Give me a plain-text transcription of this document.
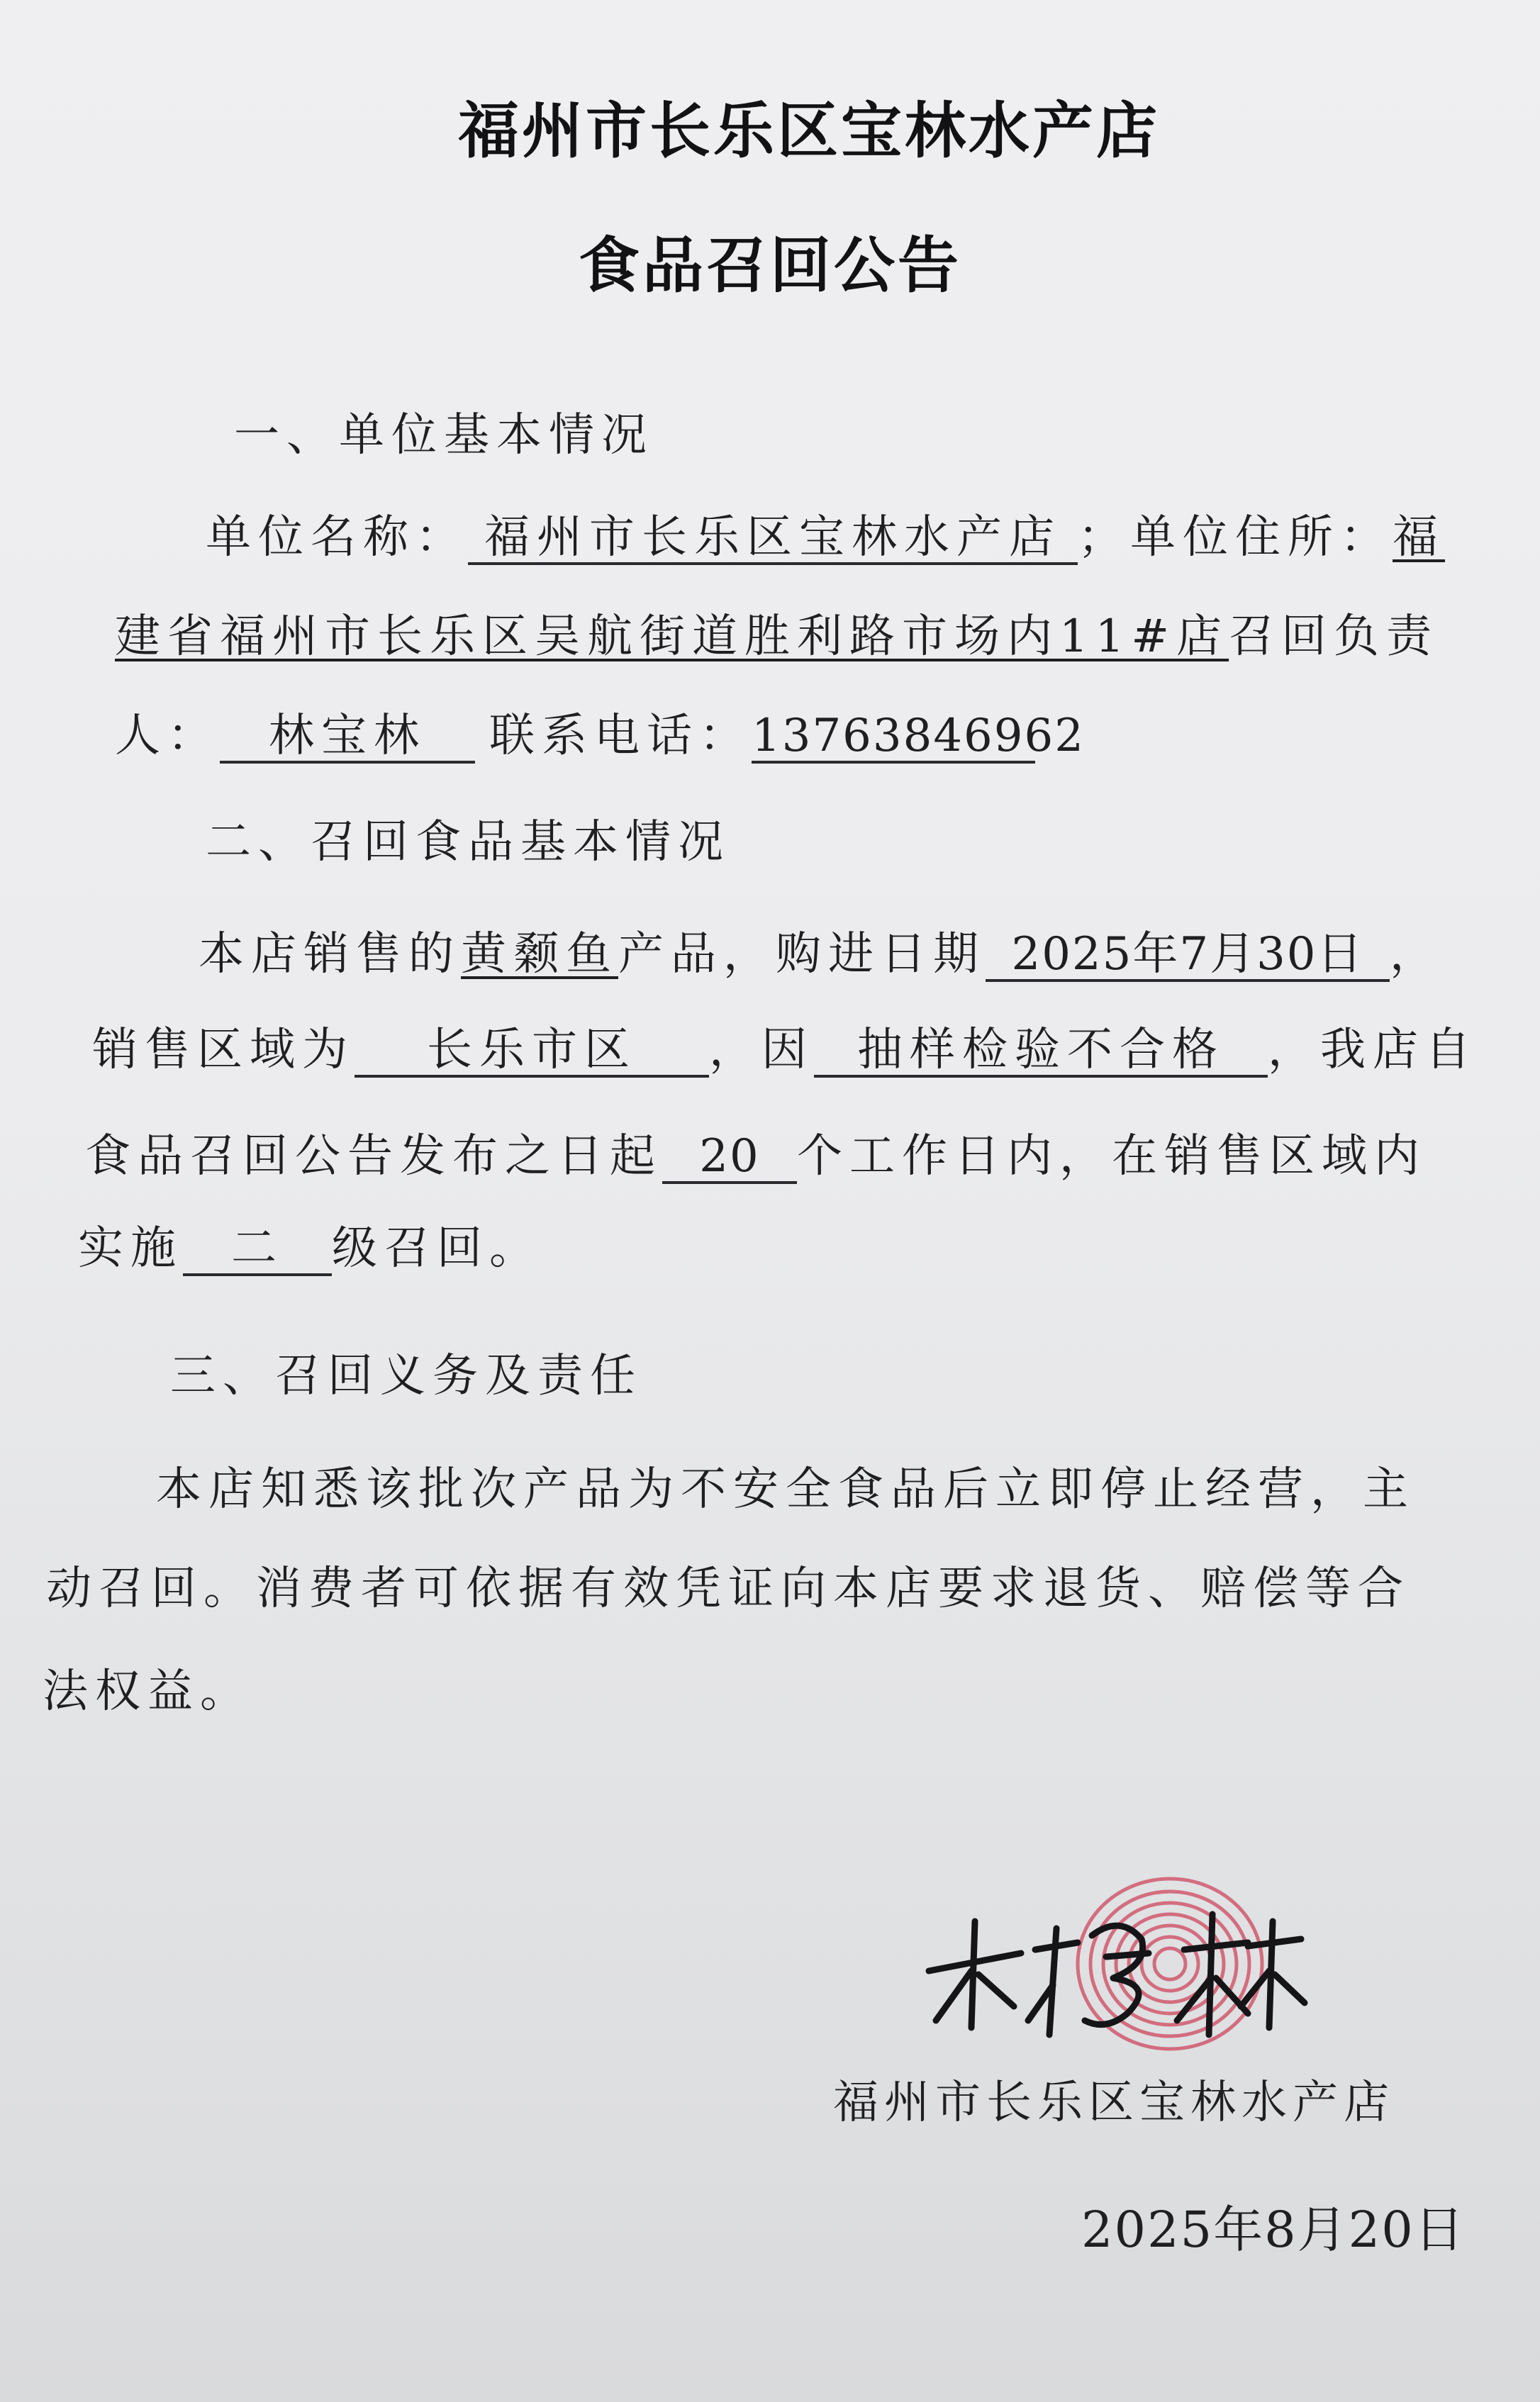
福州市长乐区宝林水产店
食品召回公告
一、单位基本情况
单位名称： 福州市长乐区宝林水产店 ；单位住所：福
建省福州市长乐区吴航街道胜利路市场内11#店召回负责
人： 林宝林 联系电话：13763846962
二、召回食品基本情况
本店销售的黄颡鱼产品，购进日期 2025年7月30日 ，
销售区域为 长乐市区 ，因 抽样检验不合格 ，我店自
食品召回公告发布之日起 20 个工作日内，在销售区域内
实施 二 级召回。
三、召回义务及责任
本店知悉该批次产品为不安全食品后立即停止经营，主
动召回。消费者可依据有效凭证向本店要求退货、赔偿等合
法权益。
福州市长乐区宝林水产店
2025年8月20日
